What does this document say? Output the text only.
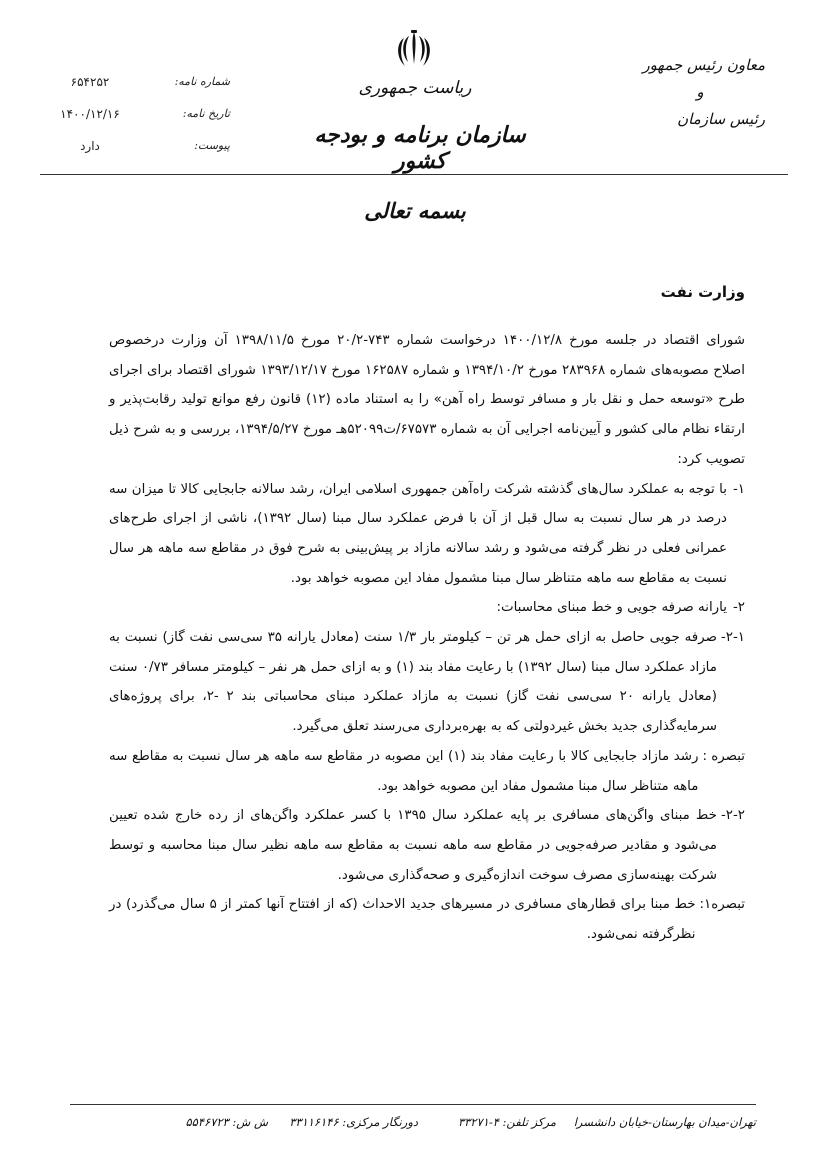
معاون رئیس جمهور
و
رئیس سازمان
ریاست جمهوری
سازمان برنامه و بودجه کشور
شماره نامه:
۶۵۴۲۵۲
تاریخ نامه:
۱۴۰۰/۱۲/۱۶
پیوست:
دارد
بسمه تعالی
وزارت نفت

شورای اقتصاد در جلسه مورخ ۱۴۰۰/۱۲/۸ درخواست شماره ۷۴۳-۲۰/۲ مورخ ۱۳۹۸/۱۱/۵ آن وزارت درخصوص اصلاح مصوبه‌های شماره ۲۸۳۹۶۸ مورخ ۱۳۹۴/۱۰/۲ و شماره ۱۶۲۵۸۷ مورخ ۱۳۹۳/۱۲/۱۷ شورای اقتصاد برای اجرای طرح «توسعه حمل و نقل بار و مسافر توسط راه آهن» را به استناد ماده (۱۲) قانون رفع موانع تولید رقابت‌پذیر و ارتقاء نظام مالی کشور و آیین‌نامه اجرایی آن به شماره ۶۷۵۷۳/ت۵۲۰۹۹هـ مورخ ۱۳۹۴/۵/۲۷، بررسی و به شرح ذیل تصویب کرد:

۱-
با توجه به عملکرد سال‌های گذشته شرکت راه‌آهن جمهوری اسلامی ایران، رشد سالانه جابجایی کالا تا میزان سه درصد در هر سال نسبت به سال قبل از آن با فرض عملکرد سال مبنا (سال ۱۳۹۲)، ناشی از اجرای طرح‌های عمرانی فعلی در نظر گرفته می‌شود و رشد سالانه مازاد بر پیش‌بینی به شرح فوق در مقاطع سه ماهه هر سال نسبت به مقاطع سه ماهه متناظر سال مبنا مشمول مفاد این مصوبه خواهد بود.
۲-
یارانه صرفه جویی و خط مبنای محاسبات:
۲-۱-
صرفه جویی حاصل به ازای حمل هر تن – کیلومتر بار ۱/۳ سنت (معادل یارانه ۳۵ سی‌سی نفت گاز) نسبت به مازاد عملکرد سال مبنا (سال ۱۳۹۲) با رعایت مفاد بند (۱) و به ازای حمل هر نفر – کیلومتر مسافر ۰/۷۳ سنت (معادل یارانه ۲۰ سی‌سی نفت گاز) نسبت به مازاد عملکرد مبنای محاسباتی بند ۲ -۲، برای پروژه‌های سرمایه‌گذاری جدید بخش غیردولتی که به بهره‌برداری می‌رسند تعلق می‌گیرد.
تبصره :
رشد مازاد جابجایی کالا با رعایت مفاد بند (۱) این مصوبه در مقاطع سه ماهه هر سال نسبت به مقاطع سه ماهه متناظر سال مبنا مشمول مفاد این مصوبه خواهد بود.
۲-۲-
خط مبنای واگن‌های مسافری بر پایه عملکرد سال ۱۳۹۵ با کسر عملکرد واگن‌های از رده خارج شده تعیین می‌شود و مقادیر صرفه‌جویی در مقاطع سه ماهه نسبت به مقاطع سه ماهه نظیر سال مبنا محاسبه و توسط شرکت بهینه‌سازی مصرف سوخت اندازه‌گیری و صحه‌گذاری می‌شود.
تبصره۱:
خط مبنا برای قطارهای مسافری در مسیرهای جدید الاحداث (که از افتتاح آنها کمتر از ۵ سال می‌گذرد) در نظرگرفته نمی‌شود.
تهران-میدان بهارستان-خیابان دانشسرا
مرکز تلفن: ۴-۳۳۲۷۱
دورنگار مرکزی: ۳۳۱۱۶۱۴۶
ش ش: ۵۵۴۶۷۲۳
